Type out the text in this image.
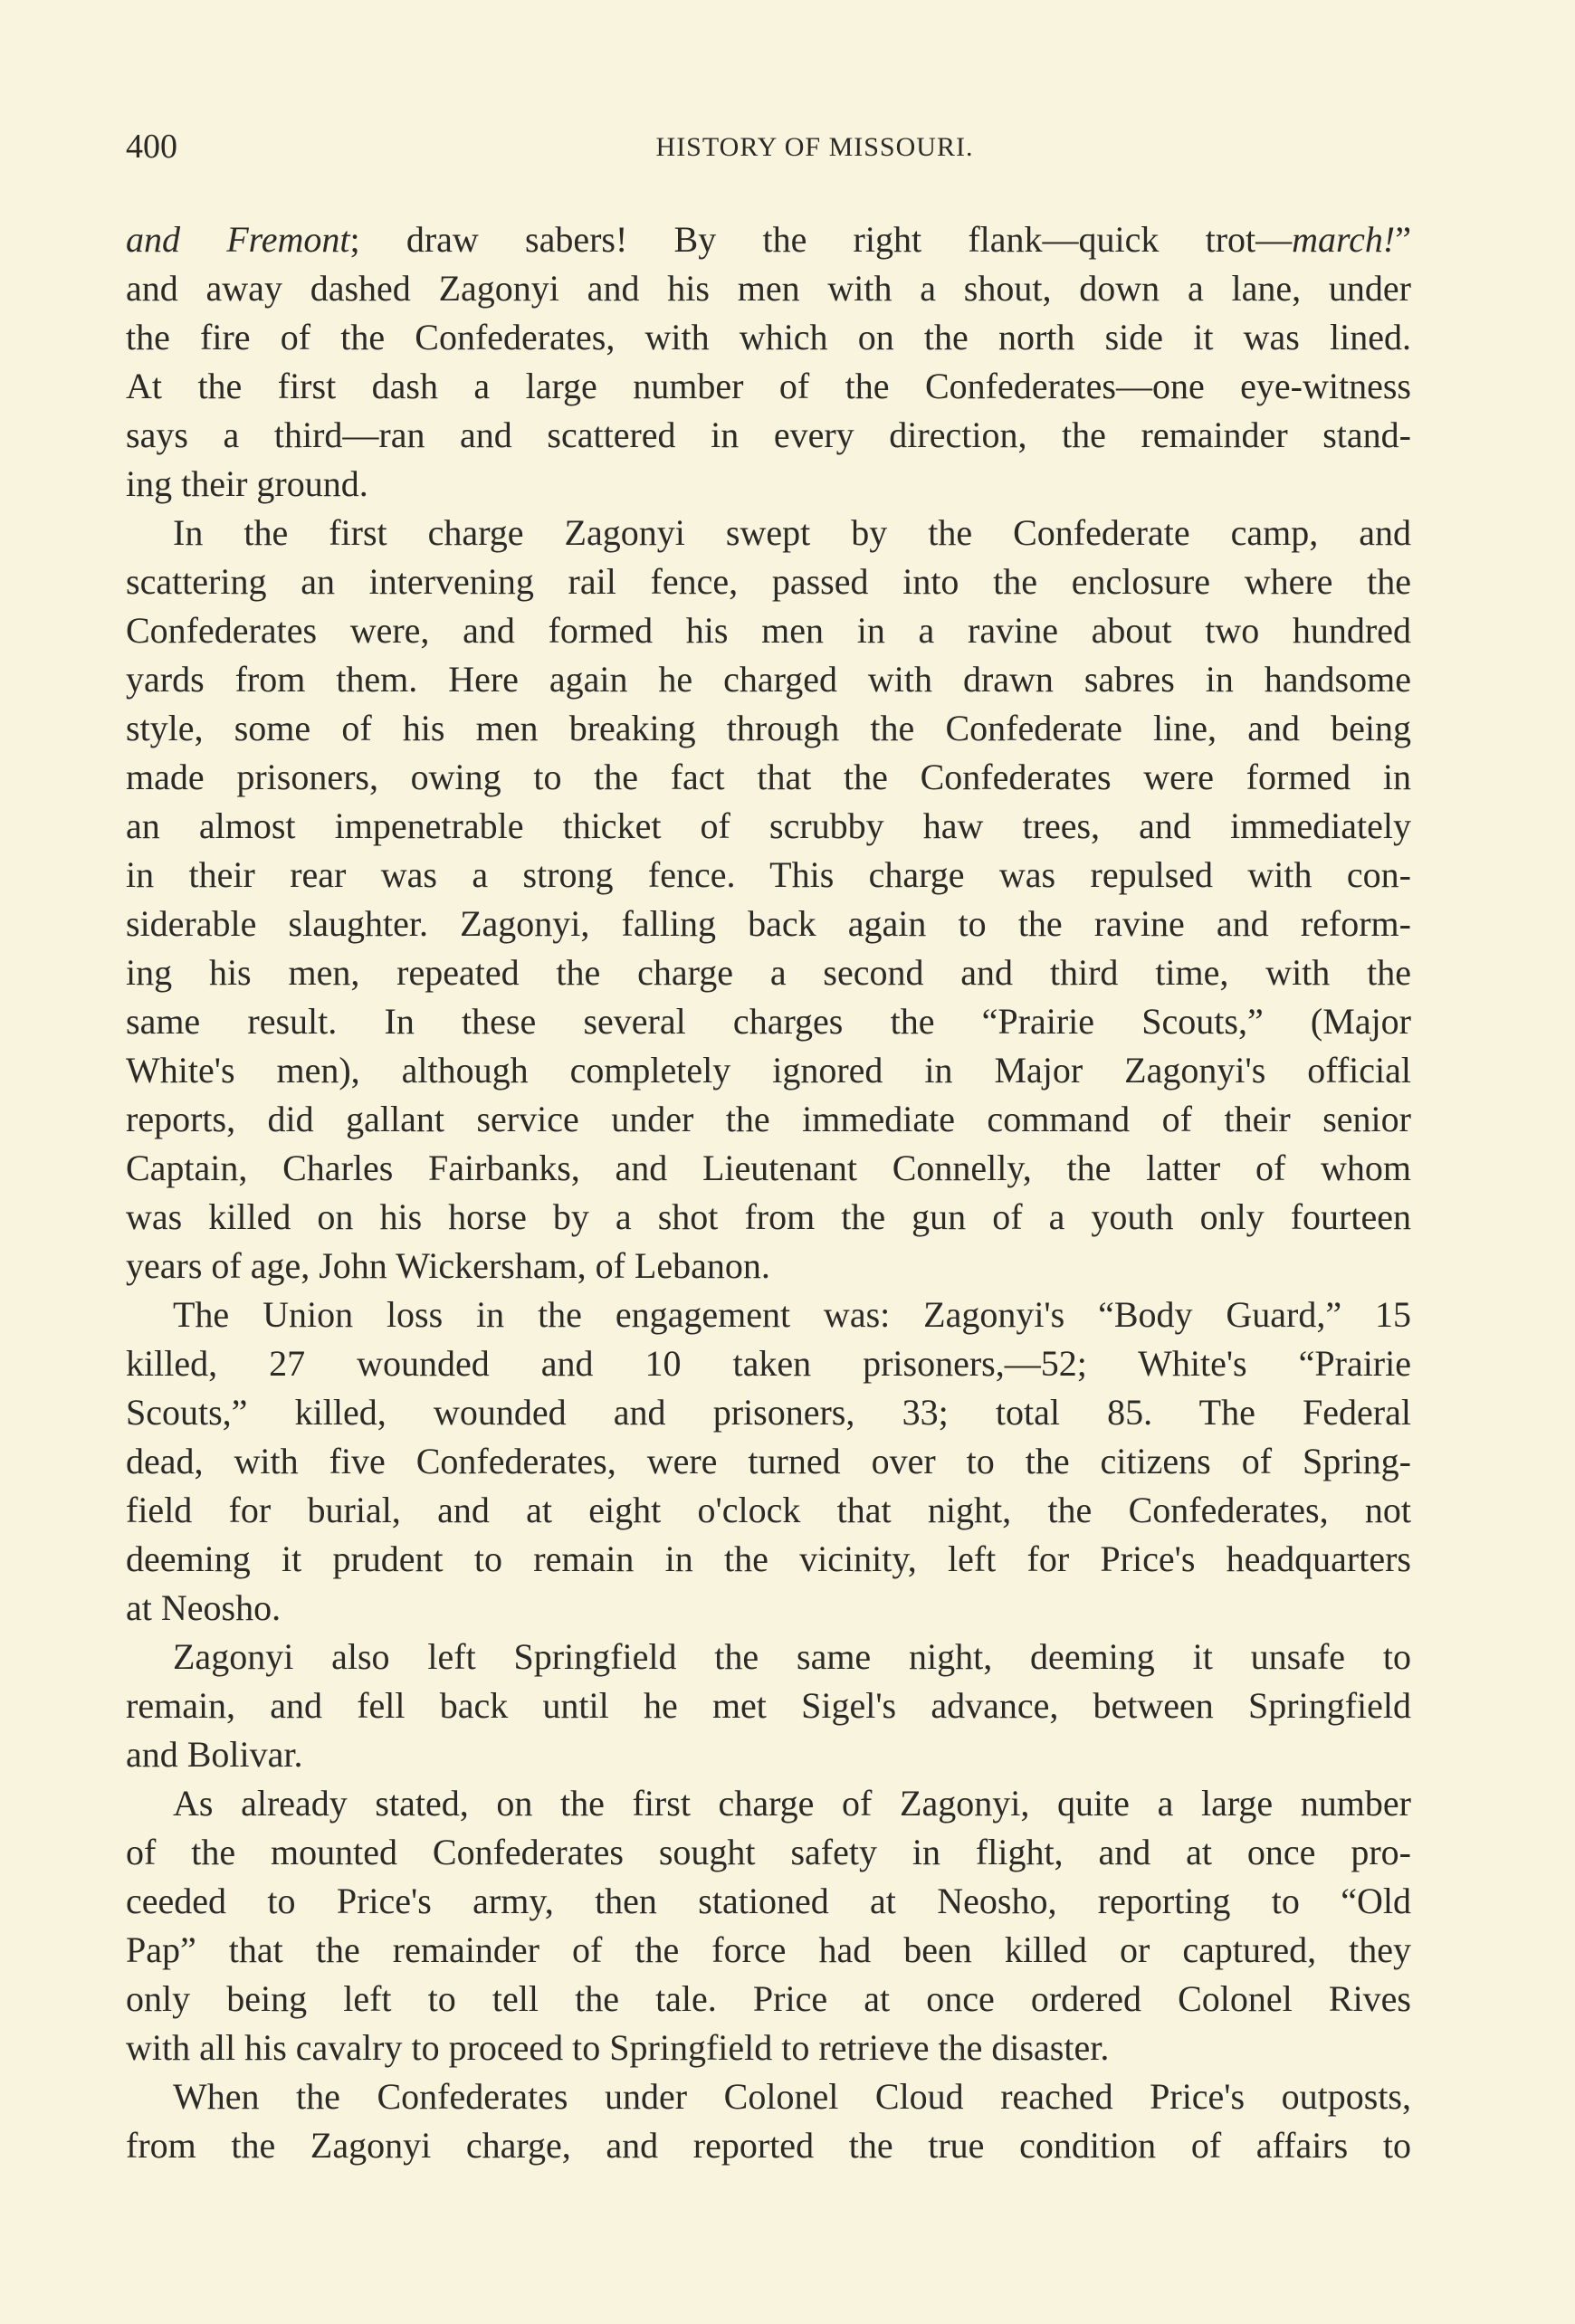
400	HISTORY OF MISSOURI.
and Fremont; draw sabers! By the right flank—quick trot—march!”
and away dashed Zagonyi and his men with a shout, down a lane, under
the fire of the Confederates, with which on the north side it was lined.
At the first dash a large number of the Confederates—one eye-witness
says a third—ran and scattered in every direction, the remainder stand-
ing their ground.
In the first charge Zagonyi swept by the Confederate camp, and
scattering an intervening rail fence, passed into the enclosure where the
Confederates were, and formed his men in a ravine about two hundred
yards from them. Here again he charged with drawn sabres in handsome
style, some of his men breaking through the Confederate line, and being
made prisoners, owing to the fact that the Confederates were formed in
an almost impenetrable thicket of scrubby haw trees, and immediately
in their rear was a strong fence. This charge was repulsed with con-
siderable slaughter. Zagonyi, falling back again to the ravine and reform-
ing his men, repeated the charge a second and third time, with the
same result. In these several charges the “Prairie Scouts,” (Major
White's men), although completely ignored in Major Zagonyi's official
reports, did gallant service under the immediate command of their senior
Captain, Charles Fairbanks, and Lieutenant Connelly, the latter of whom
was killed on his horse by a shot from the gun of a youth only fourteen
years of age, John Wickersham, of Lebanon.
The Union loss in the engagement was: Zagonyi's “Body Guard,” 15
killed, 27 wounded and 10 taken prisoners,—52; White's “Prairie
Scouts,” killed, wounded and prisoners, 33; total 85. The Federal
dead, with five Confederates, were turned over to the citizens of Spring-
field for burial, and at eight o'clock that night, the Confederates, not
deeming it prudent to remain in the vicinity, left for Price's headquarters
at Neosho.
Zagonyi also left Springfield the same night, deeming it unsafe to
remain, and fell back until he met Sigel's advance, between Springfield
and Bolivar.
As already stated, on the first charge of Zagonyi, quite a large number
of the mounted Confederates sought safety in flight, and at once pro-
ceeded to Price's army, then stationed at Neosho, reporting to “Old
Pap” that the remainder of the force had been killed or captured, they
only being left to tell the tale. Price at once ordered Colonel Rives
with all his cavalry to proceed to Springfield to retrieve the disaster.
When the Confederates under Colonel Cloud reached Price's outposts,
from the Zagonyi charge, and reported the true condition of affairs to
